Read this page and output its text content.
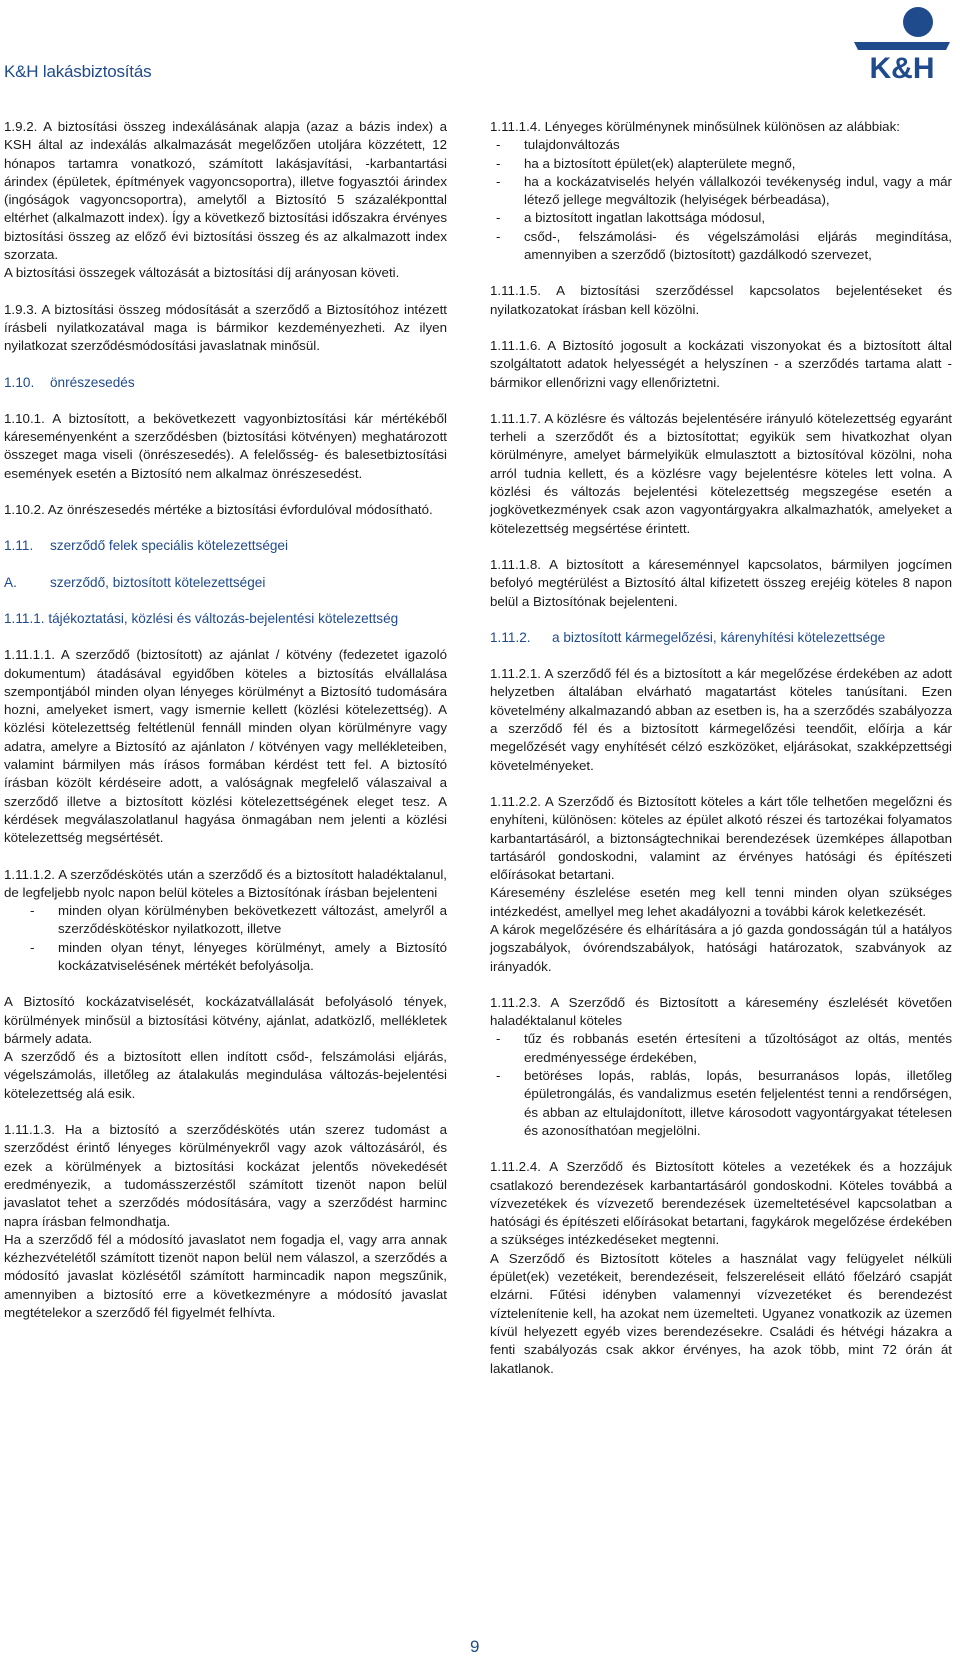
K&H lakásbiztosítás	K&H

1.9.2. A biztosítási összeg indexálásának alapja (azaz a bázis index) a KSH által az indexálás alkalmazását megelőzően utoljára közzétett, 12 hónapos tartamra vonatkozó, számított lakásjavítási, -karbantartási árindex (épületek, építmények vagyoncsoportra), illetve fogyasztói árindex (ingóságok vagyoncsoportra), amelytől a Biztosító 5 százalékponttal eltérhet (alkalmazott index). Így a következő biztosítási időszakra érvényes biztosítási összeg az előző évi biztosítási összeg és az alkalmazott index szorzata.

A biztosítási összegek változását a biztosítási díj arányosan követi.

1.9.3. A biztosítási összeg módosítását a szerződő a Biztosítóhoz intézett írásbeli nyilatkozatával maga is bármikor kezdeményezheti. Az ilyen nyilatkozat szerződésmódosítási javaslatnak minősül.

1.10. önrészesedés

1.10.1. A biztosított, a bekövetkezett vagyonbiztosítási kár mértékéből káreseményenként a szerződésben (biztosítási kötvényen) meghatározott összeget maga viseli (önrészesedés). A felelősség- és balesetbiztosítási események esetén a Biztosító nem alkalmaz önrészesedést.

1.10.2. Az önrészesedés mértéke a biztosítási évfordulóval módosítható.

1.11. szerződő felek speciális kötelezettségei
A. szerződő, biztosított kötelezettségei
1.11.1. tájékoztatási, közlési és változás-bejelentési kötelezettség

1.11.1.1. A szerződő (biztosított) az ajánlat / kötvény (fedezetet igazoló dokumentum) átadásával egyidőben köteles a biztosítás elvállalása szempontjából minden olyan lényeges körülményt a Biztosító tudomására hozni, amelyeket ismert, vagy ismernie kellett (közlési kötelezettség). A közlési kötelezettség feltétlenül fennáll minden olyan körülményre vagy adatra, amelyre a Biztosító az ajánlaton / kötvényen vagy mellékleteiben, valamint bármilyen más írásos formában kérdést tett fel. A biztosító írásban közölt kérdéseire adott, a valóságnak megfelelő válaszaival a szerződő illetve a biztosított közlési kötelezettségének eleget tesz. A kérdések megválaszolatlanul hagyása önmagában nem jelenti a közlési kötelezettség megsértését.

1.11.1.2. A szerződéskötés után a szerződő és a biztosított haladéktalanul, de legfeljebb nyolc napon belül köteles a Biztosítónak írásban bejelenteni

- minden olyan körülményben bekövetkezett változást, amelyről a szerződéskötéskor nyilatkozott, illetve
- minden olyan tényt, lényeges körülményt, amely a Biztosító kockázatviselésének mértékét befolyásolja.

A Biztosító kockázatviselését, kockázatvállalását befolyásoló tények, körülmények minősül a biztosítási kötvény, ajánlat, adatközlő, mellékletek bármely adata.

A szerződő és a biztosított ellen indított csőd-, felszámolási eljárás, végelszámolás, illetőleg az átalakulás megindulása változás-bejelentési kötelezettség alá esik.

1.11.1.3. Ha a biztosító a szerződéskötés után szerez tudomást a szerződést érintő lényeges körülményekről vagy azok változásáról, és ezek a körülmények a biztosítási kockázat jelentős növekedését eredményezik, a tudomásszerzéstől számított tizenöt napon belül javaslatot tehet a szerződés módosítására, vagy a szerződést harminc napra írásban felmondhatja.

Ha a szerződő fél a módosító javaslatot nem fogadja el, vagy arra annak kézhezvételétől számított tizenöt napon belül nem válaszol, a szerződés a módosító javaslat közlésétől számított harmincadik napon megszűnik, amennyiben a biztosító erre a következményre a módosító javaslat megtételekor a szerződő fél figyelmét felhívta.

1.11.1.4. Lényeges körülménynek minősülnek különösen az alábbiak:

- tulajdonváltozás
- ha a biztosított épület(ek) alapterülete megnő,
- ha a kockázatviselés helyén vállalkozói tevékenység indul, vagy a már létező jellege megváltozik (helyiségek bérbeadása),
- a biztosított ingatlan lakottsága módosul,
- csőd-, felszámolási- és végelszámolási eljárás megindítása, amennyiben a szerződő (biztosított) gazdálkodó szervezet,

1.11.1.5. A biztosítási szerződéssel kapcsolatos bejelentéseket és nyilatkozatokat írásban kell közölni.

1.11.1.6. A Biztosító jogosult a kockázati viszonyokat és a biztosított által szolgáltatott adatok helyességét a helyszínen - a szerződés tartama alatt - bármikor ellenőrizni vagy ellenőriztetni.

1.11.1.7. A közlésre és változás bejelentésére irányuló kötelezettség egyaránt terheli a szerződőt és a biztosítottat; egyikük sem hivatkozhat olyan körülményre, amelyet bármelyikük elmulasztott a biztosítóval közölni, noha arról tudnia kellett, és a közlésre vagy bejelentésre köteles lett volna. A közlési és változás bejelentési kötelezettség megszegése esetén a jogkövetkezmények csak azon vagyontárgyakra alkalmazhatók, amelyeket a kötelezettség megsértése érintett.

1.11.1.8. A biztosított a káreseménnyel kapcsolatos, bármilyen jogcímen befolyó megtérülést a Biztosító által kifizetett összeg erejéig köteles 8 napon belül a Biztosítónak bejelenteni.

1.11.2. a biztosított kármegelőzési, kárenyhítési kötelezettsége

1.11.2.1. A szerződő fél és a biztosított a kár megelőzése érdekében az adott helyzetben általában elvárható magatartást köteles tanúsítani. Ezen követelmény alkalmazandó abban az esetben is, ha a szerződés szabályozza a szerződő fél és a biztosított kármegelőzési teendőit, előírja a kár megelőzését vagy enyhítését célzó eszközöket, eljárásokat, szakképzettségi követelményeket.

1.11.2.2. A Szerződő és Biztosított köteles a kárt tőle telhetően megelőzni és enyhíteni, különösen: köteles az épület alkotó részei és tartozékai folyamatos karbantartásáról, a biztonságtechnikai berendezések üzemképes állapotban tartásáról gondoskodni, valamint az érvényes hatósági és építészeti előírásokat betartani.

Káresemény észlelése esetén meg kell tenni minden olyan szükséges intézkedést, amellyel meg lehet akadályozni a további károk keletkezését.

A károk megelőzésére és elhárítására a jó gazda gondosságán túl a hatályos jogszabályok, óvórendszabályok, hatósági határozatok, szabványok az irányadók.

1.11.2.3. A Szerződő és Biztosított a káresemény észlelését követően haladéktalanul köteles

- tűz és robbanás esetén értesíteni a tűzoltóságot az oltás, mentés eredményessége érdekében,
- betöréses lopás, rablás, lopás, besurranásos lopás, illetőleg épületrongálás, és vandalizmus esetén feljelentést tenni a rendőrségen, és abban az eltulajdonított, illetve károsodott vagyontárgyakat tételesen és azonosíthatóan megjelölni.

1.11.2.4. A Szerződő és Biztosított köteles a vezetékek és a hozzájuk csatlakozó berendezések karbantartásáról gondoskodni. Köteles továbbá a vízvezetékek és vízvezető berendezések üzemeltetésével kapcsolatban a hatósági és építészeti előírásokat betartani, fagykárok megelőzése érdekében a szükséges intézkedéseket megtenni.

A Szerződő és Biztosított köteles a használat vagy felügyelet nélküli épület(ek) vezetékeit, berendezéseit, felszereléseit ellátó főelzáró csapját elzárni. Fűtési idényben valamennyi vízvezetéket és berendezést víztelenítenie kell, ha azokat nem üzemelteti. Ugyanez vonatkozik az üzemen kívül helyezett egyéb vizes berendezésekre. Családi és hétvégi házakra a fenti szabályozás csak akkor érvényes, ha azok több, mint 72 órán át lakatlanok.

9
